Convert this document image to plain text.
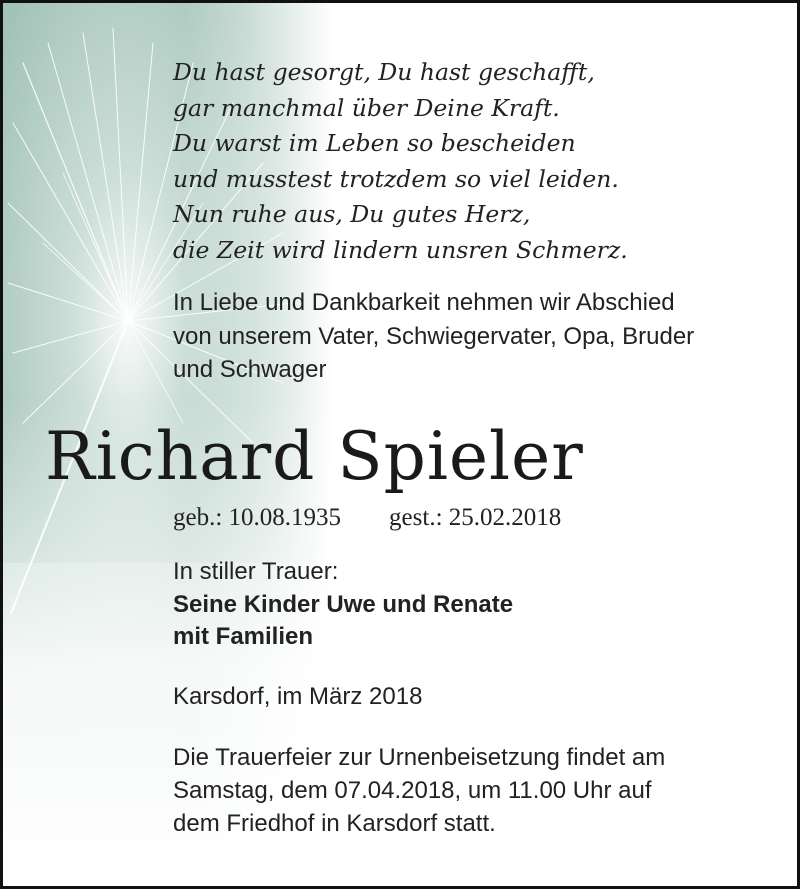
Du hast gesorgt, Du hast geschafft,
gar manchmal über Deine Kraft.
Du warst im Leben so bescheiden
und musstest trotzdem so viel leiden.
Nun ruhe aus, Du gutes Herz,
die Zeit wird lindern unsren Schmerz.
In Liebe und Dankbarkeit nehmen wir Abschied
von unserem Vater, Schwiegervater, Opa, Bruder
und Schwager
Richard Spieler
geb.: 10.08.1935 gest.: 25.02.2018
In stiller Trauer:
Seine Kinder Uwe und Renate
mit Familien
Karsdorf, im März 2018
Die Trauerfeier zur Urnenbeisetzung findet am
Samstag, dem 07.04.2018, um 11.00 Uhr auf
dem Friedhof in Karsdorf statt.
